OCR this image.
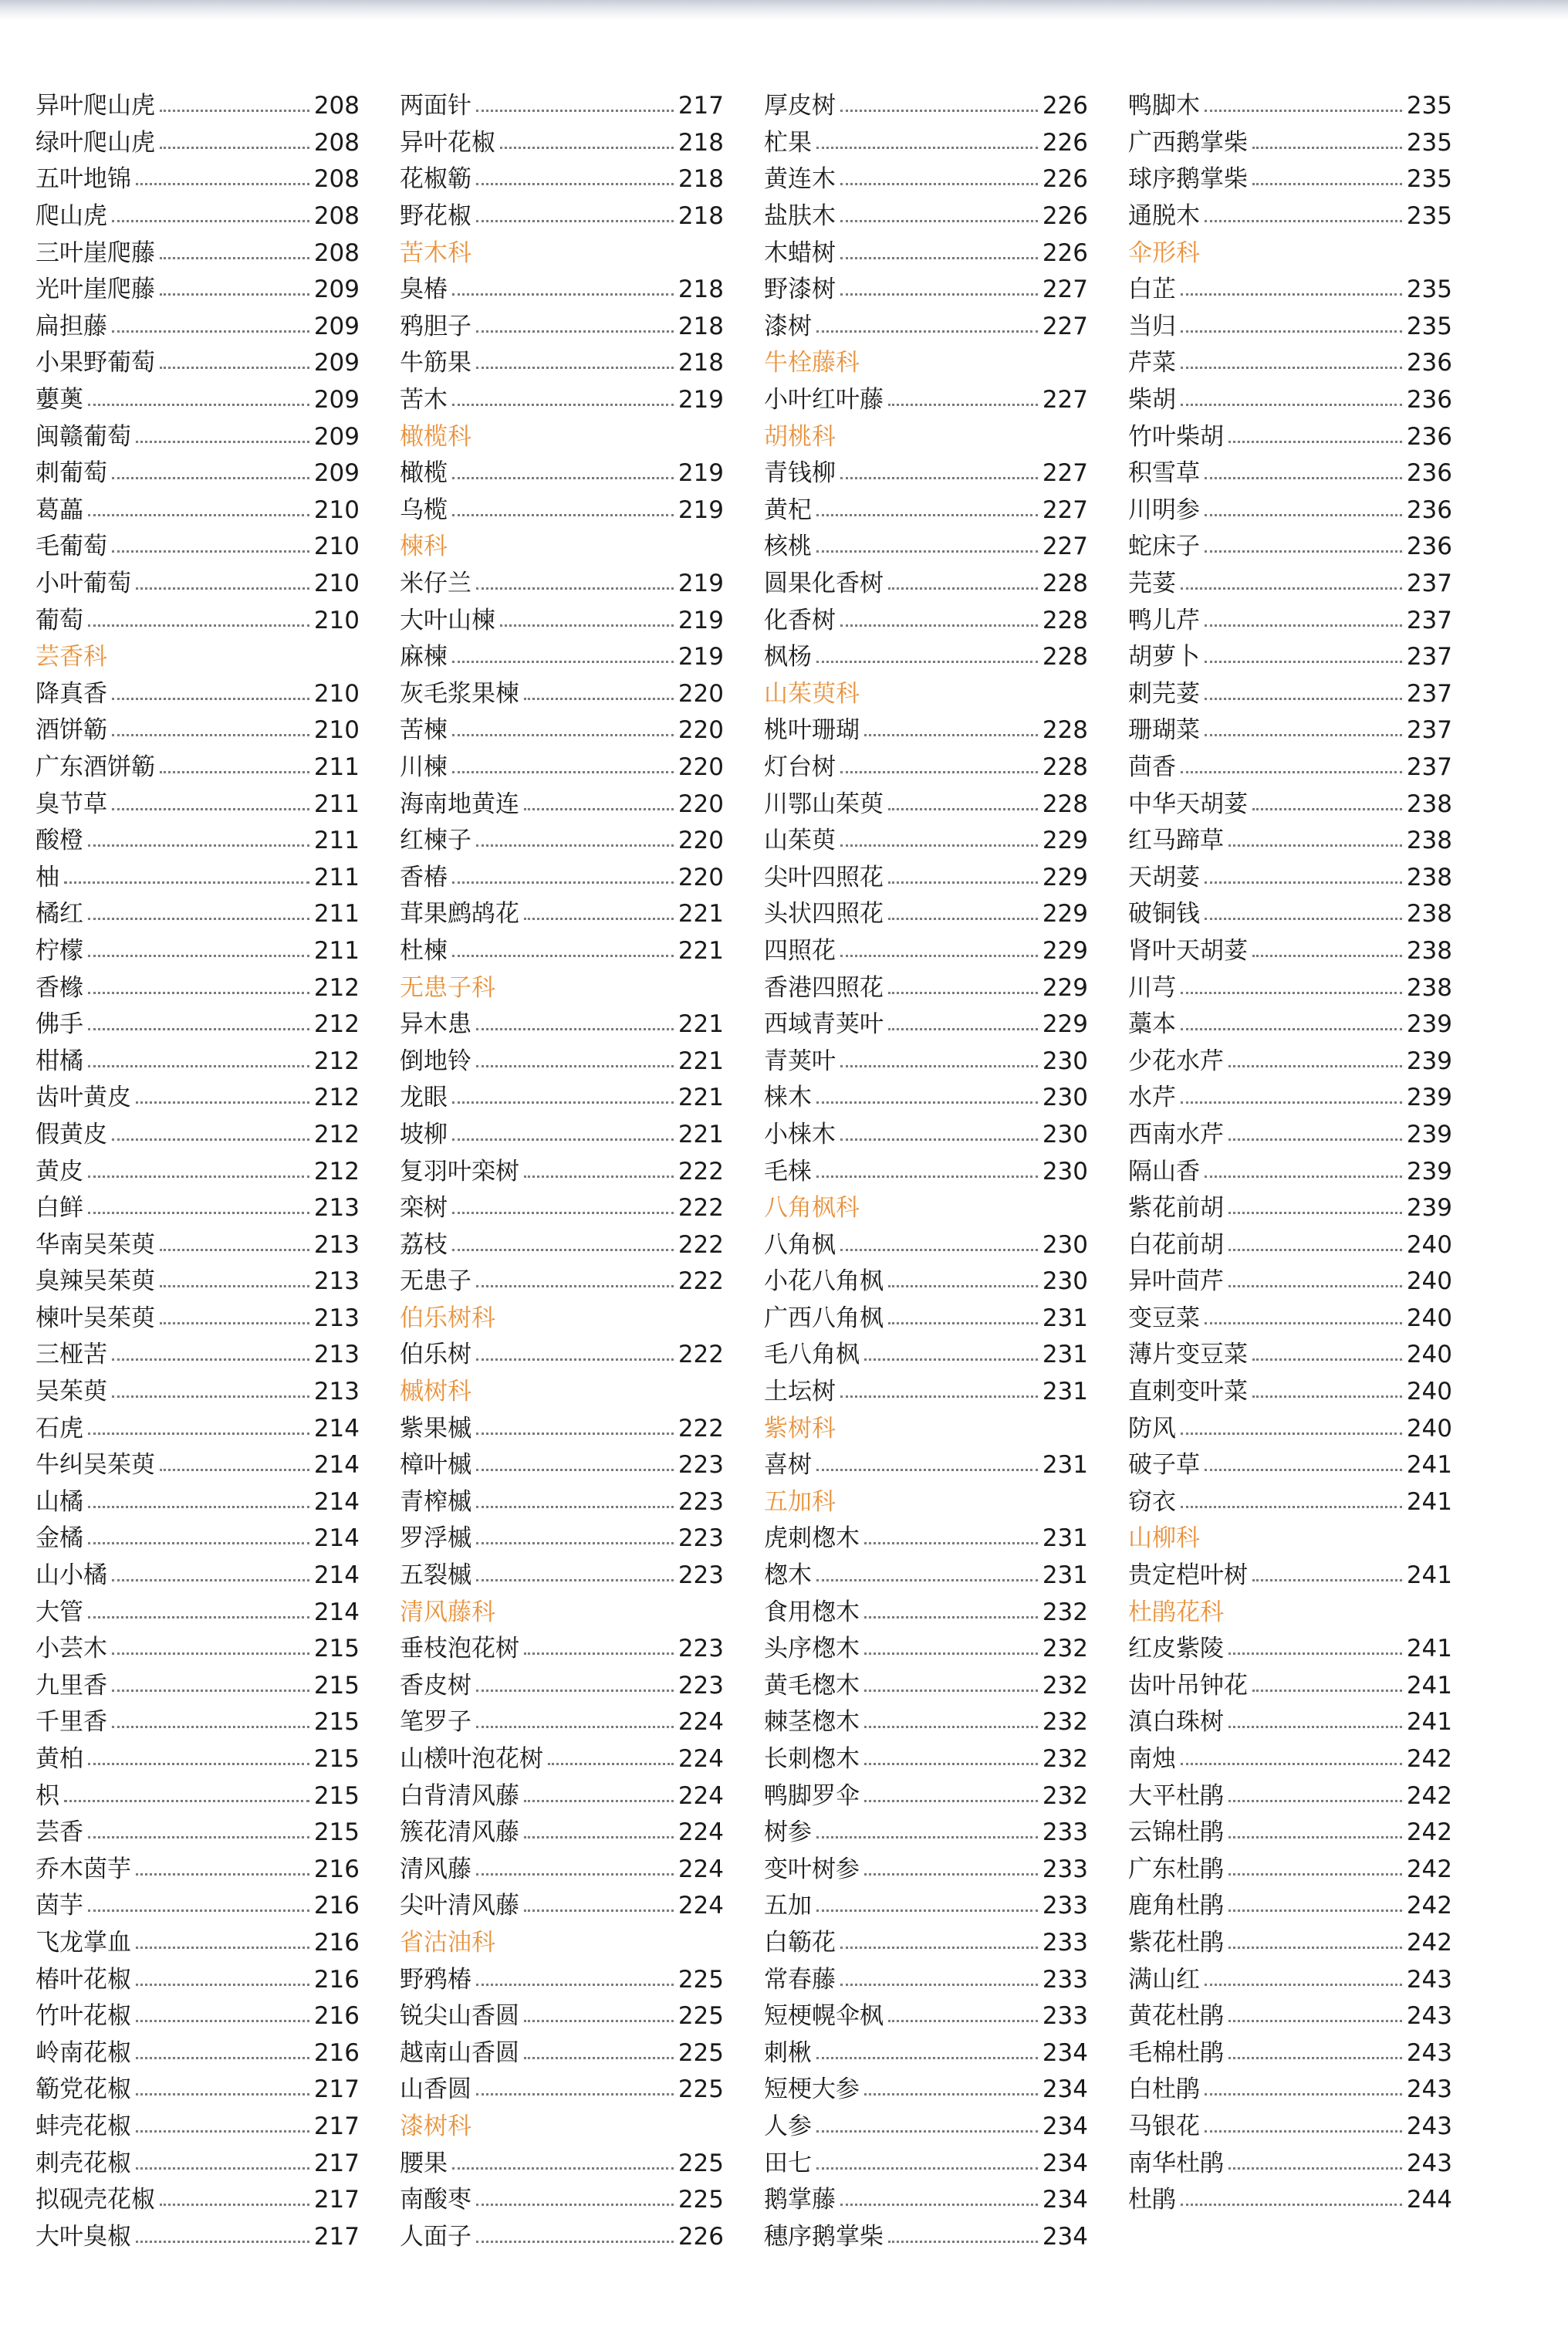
异叶爬山虎	208
绿叶爬山虎	208
五叶地锦	208
爬山虎	208
三叶崖爬藤	208
光叶崖爬藤	209
扁担藤	209
小果野葡萄	209
蘡薁	209
闽赣葡萄	209
刺葡萄	209
葛藟	210
毛葡萄	210
小叶葡萄	210
葡萄	210
芸香科
降真香	210
酒饼簕	210
广东酒饼簕	211
臭节草	211
酸橙	211
柚	211
橘红	211
柠檬	211
香橼	212
佛手	212
柑橘	212
齿叶黄皮	212
假黄皮	212
黄皮	212
白鲜	213
华南吴茱萸	213
臭辣吴茱萸	213
楝叶吴茱萸	213
三桠苦	213
吴茱萸	213
石虎	214
牛纠吴茱萸	214
山橘	214
金橘	214
山小橘	214
大管	214
小芸木	215
九里香	215
千里香	215
黄柏	215
枳	215
芸香	215
乔木茵芋	216
茵芋	216
飞龙掌血	216
椿叶花椒	216
竹叶花椒	216
岭南花椒	216
簕党花椒	217
蚌壳花椒	217
刺壳花椒	217
拟砚壳花椒	217
大叶臭椒	217
两面针	217
异叶花椒	218
花椒簕	218
野花椒	218
苦木科
臭椿	218
鸦胆子	218
牛筋果	218
苦木	219
橄榄科
橄榄	219
乌榄	219
楝科
米仔兰	219
大叶山楝	219
麻楝	219
灰毛浆果楝	220
苦楝	220
川楝	220
海南地黄连	220
红楝子	220
香椿	220
茸果鹧鸪花	221
杜楝	221
无患子科
异木患	221
倒地铃	221
龙眼	221
坡柳	221
复羽叶栾树	222
栾树	222
荔枝	222
无患子	222
伯乐树科
伯乐树	222
槭树科
紫果槭	222
樟叶槭	223
青榨槭	223
罗浮槭	223
五裂槭	223
清风藤科
垂枝泡花树	223
香皮树	223
笔罗子	224
山檨叶泡花树	224
白背清风藤	224
簇花清风藤	224
清风藤	224
尖叶清风藤	224
省沽油科
野鸦椿	225
锐尖山香圆	225
越南山香圆	225
山香圆	225
漆树科
腰果	225
南酸枣	225
人面子	226
厚皮树	226
杧果	226
黄连木	226
盐肤木	226
木蜡树	226
野漆树	227
漆树	227
牛栓藤科
小叶红叶藤	227
胡桃科
青钱柳	227
黄杞	227
核桃	227
圆果化香树	228
化香树	228
枫杨	228
山茱萸科
桃叶珊瑚	228
灯台树	228
川鄂山茱萸	228
山茱萸	229
尖叶四照花	229
头状四照花	229
四照花	229
香港四照花	229
西域青荚叶	229
青荚叶	230
梾木	230
小梾木	230
毛梾	230
八角枫科
八角枫	230
小花八角枫	230
广西八角枫	231
毛八角枫	231
土坛树	231
紫树科
喜树	231
五加科
虎刺楤木	231
楤木	231
食用楤木	232
头序楤木	232
黄毛楤木	232
棘茎楤木	232
长刺楤木	232
鸭脚罗伞	232
树参	233
变叶树参	233
五加	233
白簕花	233
常春藤	233
短梗幌伞枫	233
刺楸	234
短梗大参	234
人参	234
田七	234
鹅掌藤	234
穗序鹅掌柴	234
鸭脚木	235
广西鹅掌柴	235
球序鹅掌柴	235
通脱木	235
伞形科
白芷	235
当归	235
芹菜	236
柴胡	236
竹叶柴胡	236
积雪草	236
川明参	236
蛇床子	236
芫荽	237
鸭儿芹	237
胡萝卜	237
刺芫荽	237
珊瑚菜	237
茴香	237
中华天胡荽	238
红马蹄草	238
天胡荽	238
破铜钱	238
肾叶天胡荽	238
川芎	238
藁本	239
少花水芹	239
水芹	239
西南水芹	239
隔山香	239
紫花前胡	239
白花前胡	240
异叶茴芹	240
变豆菜	240
薄片变豆菜	240
直刺变叶菜	240
防风	240
破子草	241
窃衣	241
山柳科
贵定桤叶树	241
杜鹃花科
红皮紫陵	241
齿叶吊钟花	241
滇白珠树	241
南烛	242
大平杜鹃	242
云锦杜鹃	242
广东杜鹃	242
鹿角杜鹃	242
紫花杜鹃	242
满山红	243
黄花杜鹃	243
毛棉杜鹃	243
白杜鹃	243
马银花	243
南华杜鹃	243
杜鹃	244
